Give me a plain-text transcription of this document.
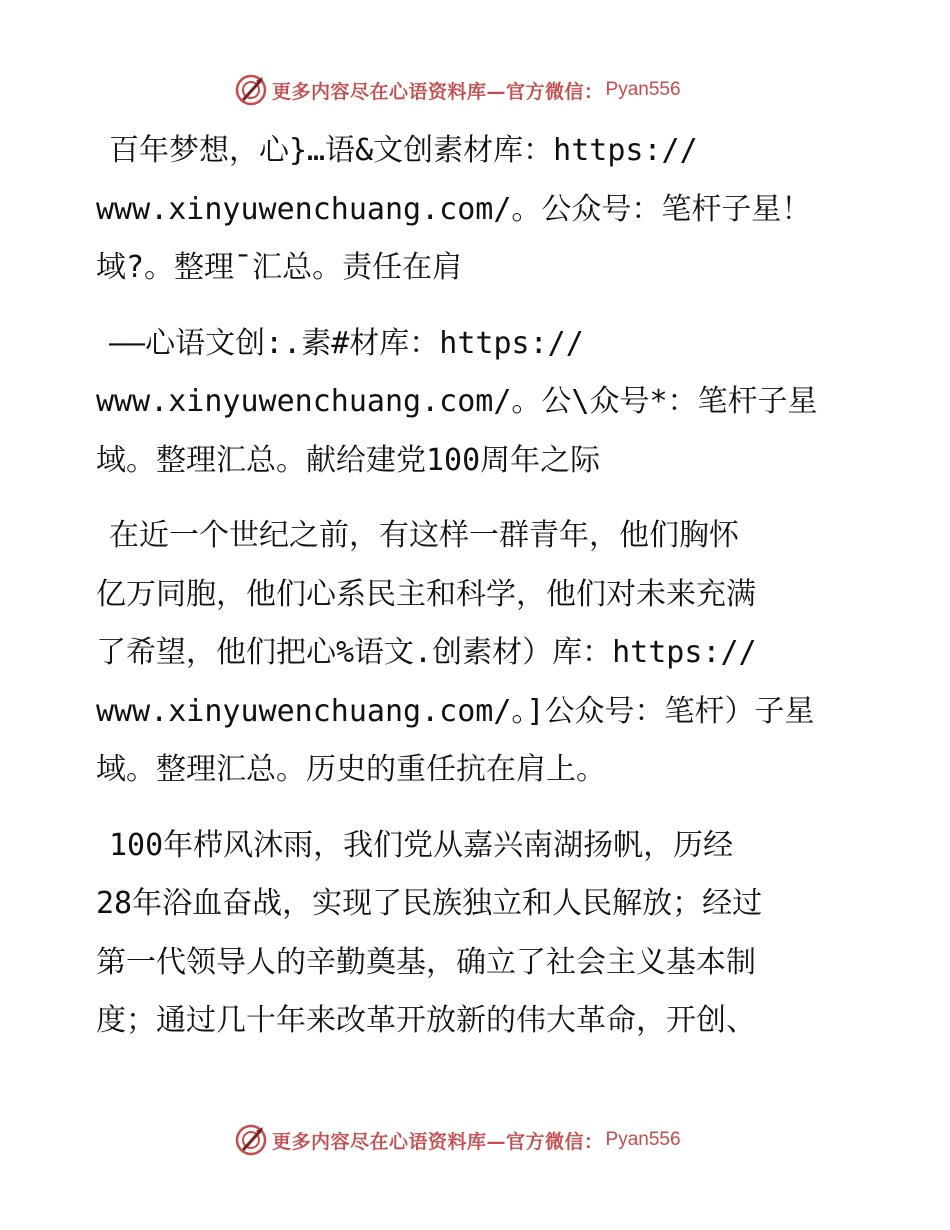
更多内容尽在心语资料库—官方微信： Pyan556

百年梦想，心}…语&文创素材库：https://
www.xinyuwenchuang.com/。公众号：笔杆子星！
域?。整理¯汇总。责任在肩

——心语文创:.素#材库：https://
www.xinyuwenchuang.com/。公\众号*：笔杆子星
域。整理汇总。献给建党100周年之际

在近一个世纪之前，有这样一群青年，他们胸怀
亿万同胞，他们心系民主和科学，他们对未来充满
了希望，他们把心%语文.创素材）库：https://
www.xinyuwenchuang.com/。]公众号：笔杆）子星
域。整理汇总。历史的重任抗在肩上。

100年栉风沐雨，我们党从嘉兴南湖扬帆，历经
28年浴血奋战，实现了民族独立和人民解放；经过
第一代领导人的辛勤奠基，确立了社会主义基本制
度；通过几十年来改革开放新的伟大革命，开创、

更多内容尽在心语资料库—官方微信： Pyan556
